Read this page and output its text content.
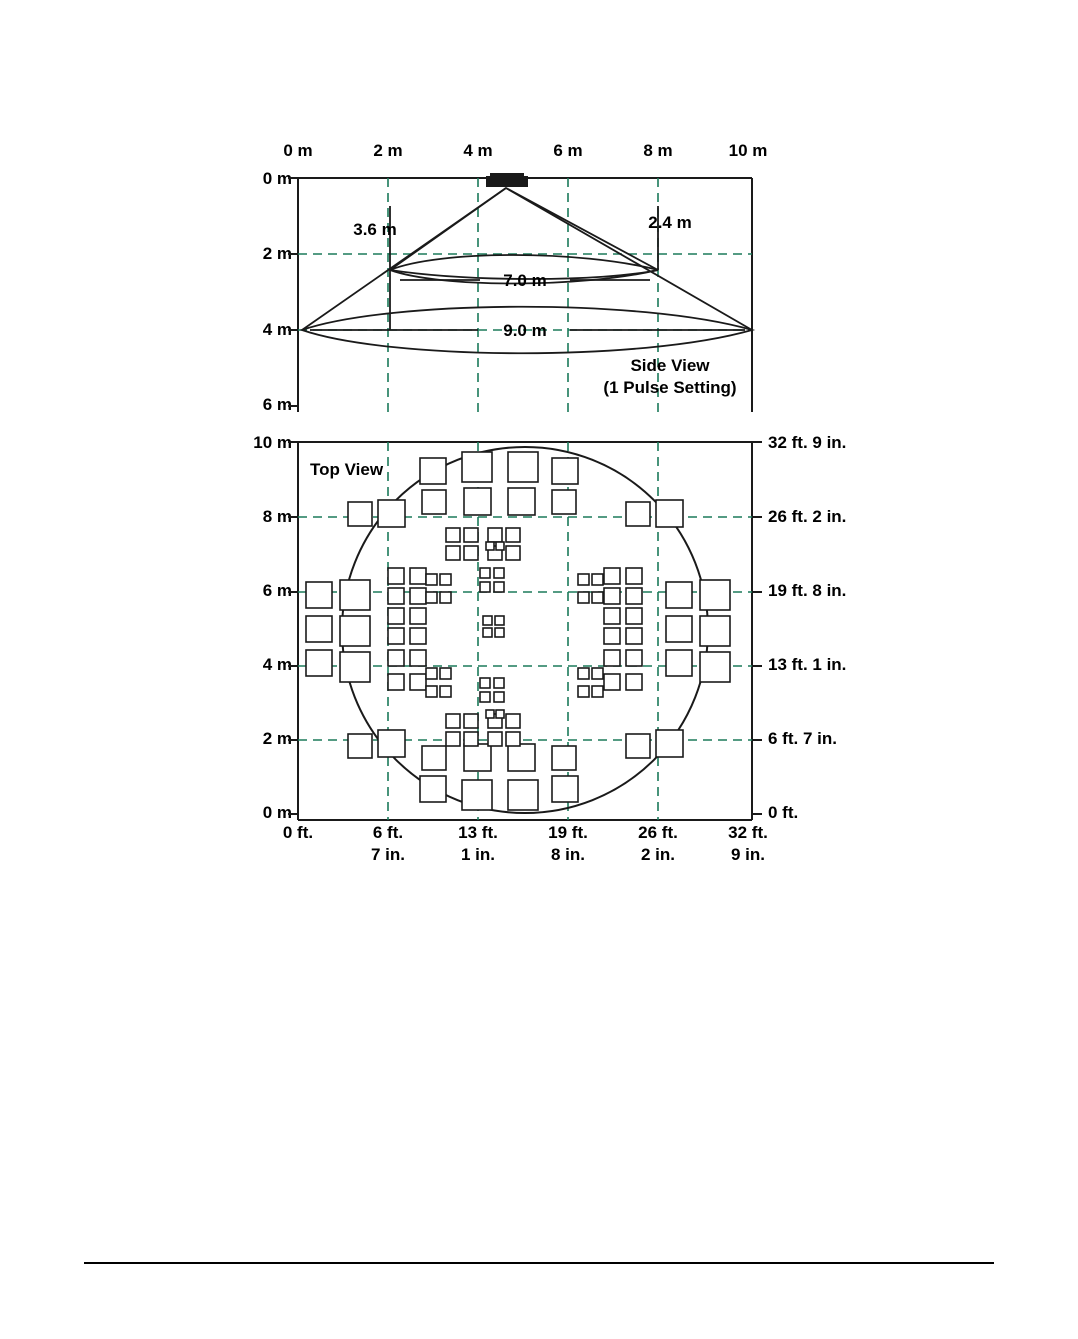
0 m	2 m	4 m	6 m	8 m	10 m
0 m
2 m
4 m
6 m
3.6 m	2.4 m
7.0 m
9.0 m
Side View
(1 Pulse Setting)
10 m
8 m
6 m
4 m
2 m
0 m
32 ft. 9 in.
26 ft. 2 in.
19 ft. 8 in.
13 ft. 1 in.
6 ft. 7 in.
0 ft.
0 ft.	6 ft.
7 in.
13 ft.
1 in.
19 ft.
8 in.
26 ft.
2 in.
32 ft.
9 in.
Top View
